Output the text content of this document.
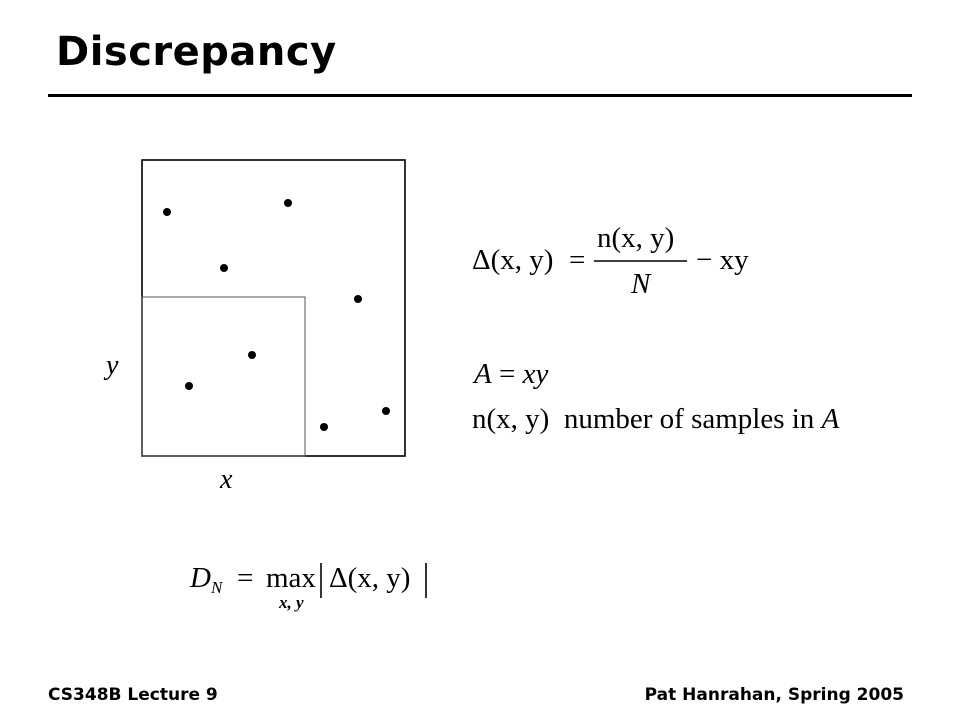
Discrepancy
y
x
Δ(x, y) =
n(x, y)
N
− xy
A = xy
n(x, y) number of samples in A
$D_N = \max$
x, y
Δ(x, y)
CS348B Lecture 9	Pat Hanrahan, Spring 2005
